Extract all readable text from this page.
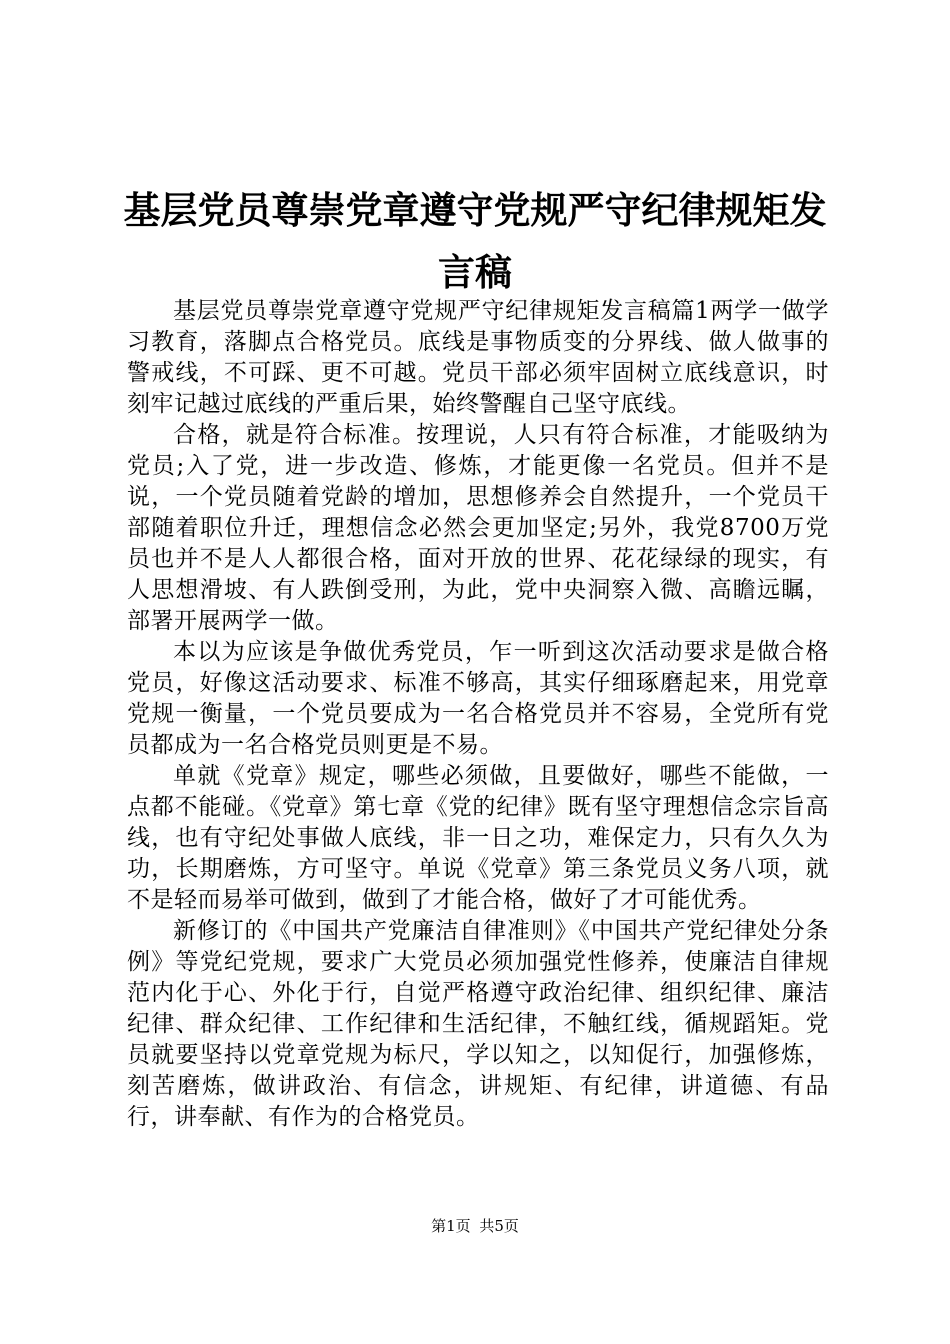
基层党员尊崇党章遵守党规严守纪律规矩发言稿

基层党员尊崇党章遵守党规严守纪律规矩发言稿篇1两学一做学习教育，落脚点合格党员。底线是事物质变的分界线、做人做事的警戒线，不可踩、更不可越。党员干部必须牢固树立底线意识，时刻牢记越过底线的严重后果，始终警醒自己坚守底线。

合格，就是符合标准。按理说，人只有符合标准，才能吸纳为党员;入了党，进一步改造、修炼，才能更像一名党员。但并不是说，一个党员随着党龄的增加，思想修养会自然提升，一个党员干部随着职位升迁，理想信念必然会更加坚定;另外，我党8700万党员也并不是人人都很合格，面对开放的世界、花花绿绿的现实，有人思想滑坡、有人跌倒受刑，为此，党中央洞察入微、高瞻远瞩，部署开展两学一做。

本以为应该是争做优秀党员，乍一听到这次活动要求是做合格党员，好像这活动要求、标准不够高，其实仔细琢磨起来，用党章党规一衡量，一个党员要成为一名合格党员并不容易，全党所有党员都成为一名合格党员则更是不易。

单就《党章》规定，哪些必须做，且要做好，哪些不能做，一点都不能碰。《党章》第七章《党的纪律》既有坚守理想信念宗旨高线，也有守纪处事做人底线，非一日之功，难保定力，只有久久为功，长期磨炼，方可坚守。单说《党章》第三条党员义务八项，就不是轻而易举可做到，做到了才能合格，做好了才可能优秀。

新修订的《中国共产党廉洁自律准则》《中国共产党纪律处分条例》等党纪党规，要求广大党员必须加强党性修养，使廉洁自律规范内化于心、外化于行，自觉严格遵守政治纪律、组织纪律、廉洁纪律、群众纪律、工作纪律和生活纪律，不触红线，循规蹈矩。党员就要坚持以党章党规为标尺，学以知之，以知促行，加强修炼，刻苦磨炼，做讲政治、有信念，讲规矩、有纪律，讲道德、有品行，讲奉献、有作为的合格党员。

第1页 共5页
